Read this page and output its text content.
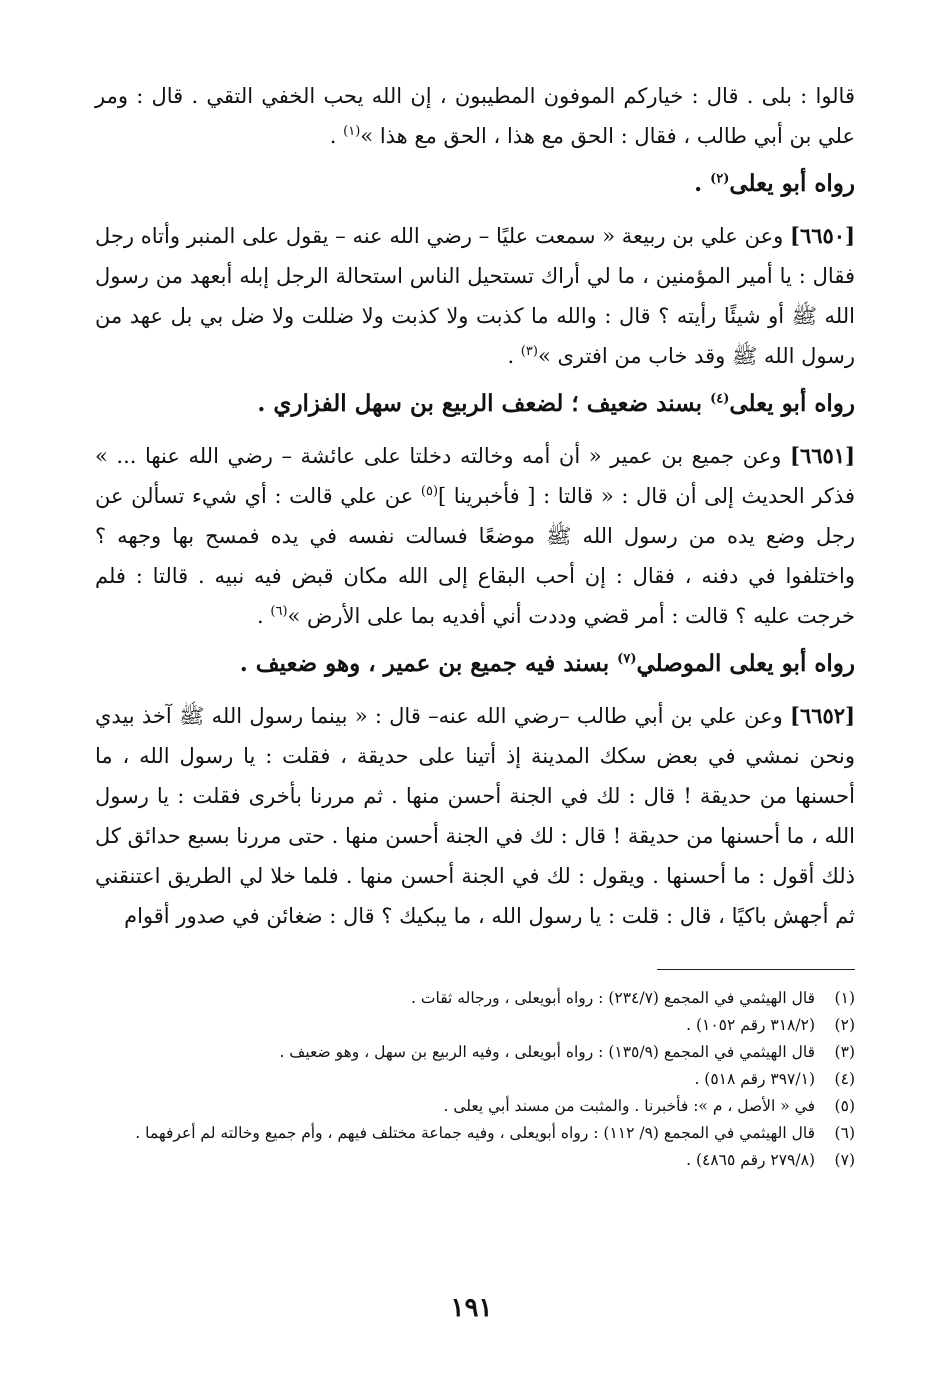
قالوا : بلى . قال : خيارکم الموفون المطيبون ، إن الله يحب الخفي التقي . قال : ومر علي بن أبي طالب ، فقال : الحق مع هذا ، الحق مع هذا »$^{(١)}$ .

رواه أبو يعلى$^{(٢)}$ .

[٦٦٥٠] وعن علي بن ربيعة « سمعت عليًا – رضي الله عنه – يقول على المنبر وأتاه رجل فقال : يا أمير المؤمنين ، ما لي أراك تستحيل الناس استحالة الرجل إبله أبعهد من رسول الله ﷺ أو شيئًا رأيته ؟ قال : والله ما كذبت ولا كذبت ولا ضللت ولا ضل بي بل عهد من رسول الله ﷺ وقد خاب من افترى »$^{(٣)}$ .

رواه أبو يعلى$^{(٤)}$ بسند ضعيف ؛ لضعف الربيع بن سهل الفزاري .

[٦٦٥١] وعن جميع بن عمير « أن أمه وخالته دخلتا على عائشة – رضي الله عنها ... » فذكر الحديث إلى أن قال : « قالتا : [ فأخبرينا ]$^{(٥)}$ عن علي قالت : أي شيء تسألن عن رجل وضع يده من رسول الله ﷺ موضعًا فسالت نفسه في يده فمسح بها وجهه ؟ واختلفوا في دفنه ، فقال : إن أحب البقاع إلى الله مكان قبض فيه نبيه . قالتا : فلم خرجت عليه ؟ قالت : أمر قضي وددت أني أفديه بما على الأرض »$^{(٦)}$ .

رواه أبو يعلى الموصلي$^{(٧)}$ بسند فيه جميع بن عمير ، وهو ضعيف .

[٦٦٥٢] وعن علي بن أبي طالب –رضي الله عنه– قال : « بينما رسول الله ﷺ آخذ بيدي ونحن نمشي في بعض سكك المدينة إذ أتينا على حديقة ، فقلت : يا رسول الله ، ما أحسنها من حديقة ! قال : لك في الجنة أحسن منها . ثم مررنا بأخرى فقلت : يا رسول الله ، ما أحسنها من حديقة ! قال : لك في الجنة أحسن منها . حتى مررنا بسبع حدائق كل ذلك أقول : ما أحسنها . ويقول : لك في الجنة أحسن منها . فلما خلا لي الطريق اعتنقني ثم أجهش باكيًا ، قال : قلت : يا رسول الله ، ما يبكيك ؟ قال : ضغائن في صدور أقوام

(١)
قال الهيثمي في المجمع (٢٣٤/٧) : رواه أبويعلى ، ورجاله ثقات .
(٢)
(٣١٨/٢ رقم ١٠٥٢) .
(٣)
قال الهيثمي في المجمع (١٣٥/٩) : رواه أبويعلى ، وفيه الربيع بن سهل ، وهو ضعيف .
(٤)
(٣٩٧/١ رقم ٥١٨) .
(٥)
في « الأصل ، م »: فأخبرنا . والمثبت من مسند أبي يعلى .
(٦)
قال الهيثمي في المجمع (٩/ ١١٢) : رواه أبويعلى ، وفيه جماعة مختلف فيهم ، وأم جميع وخالته لم أعرفهما .
(٧)
(٢٧٩/٨ رقم ٤٨٦٥) .
١٩١
